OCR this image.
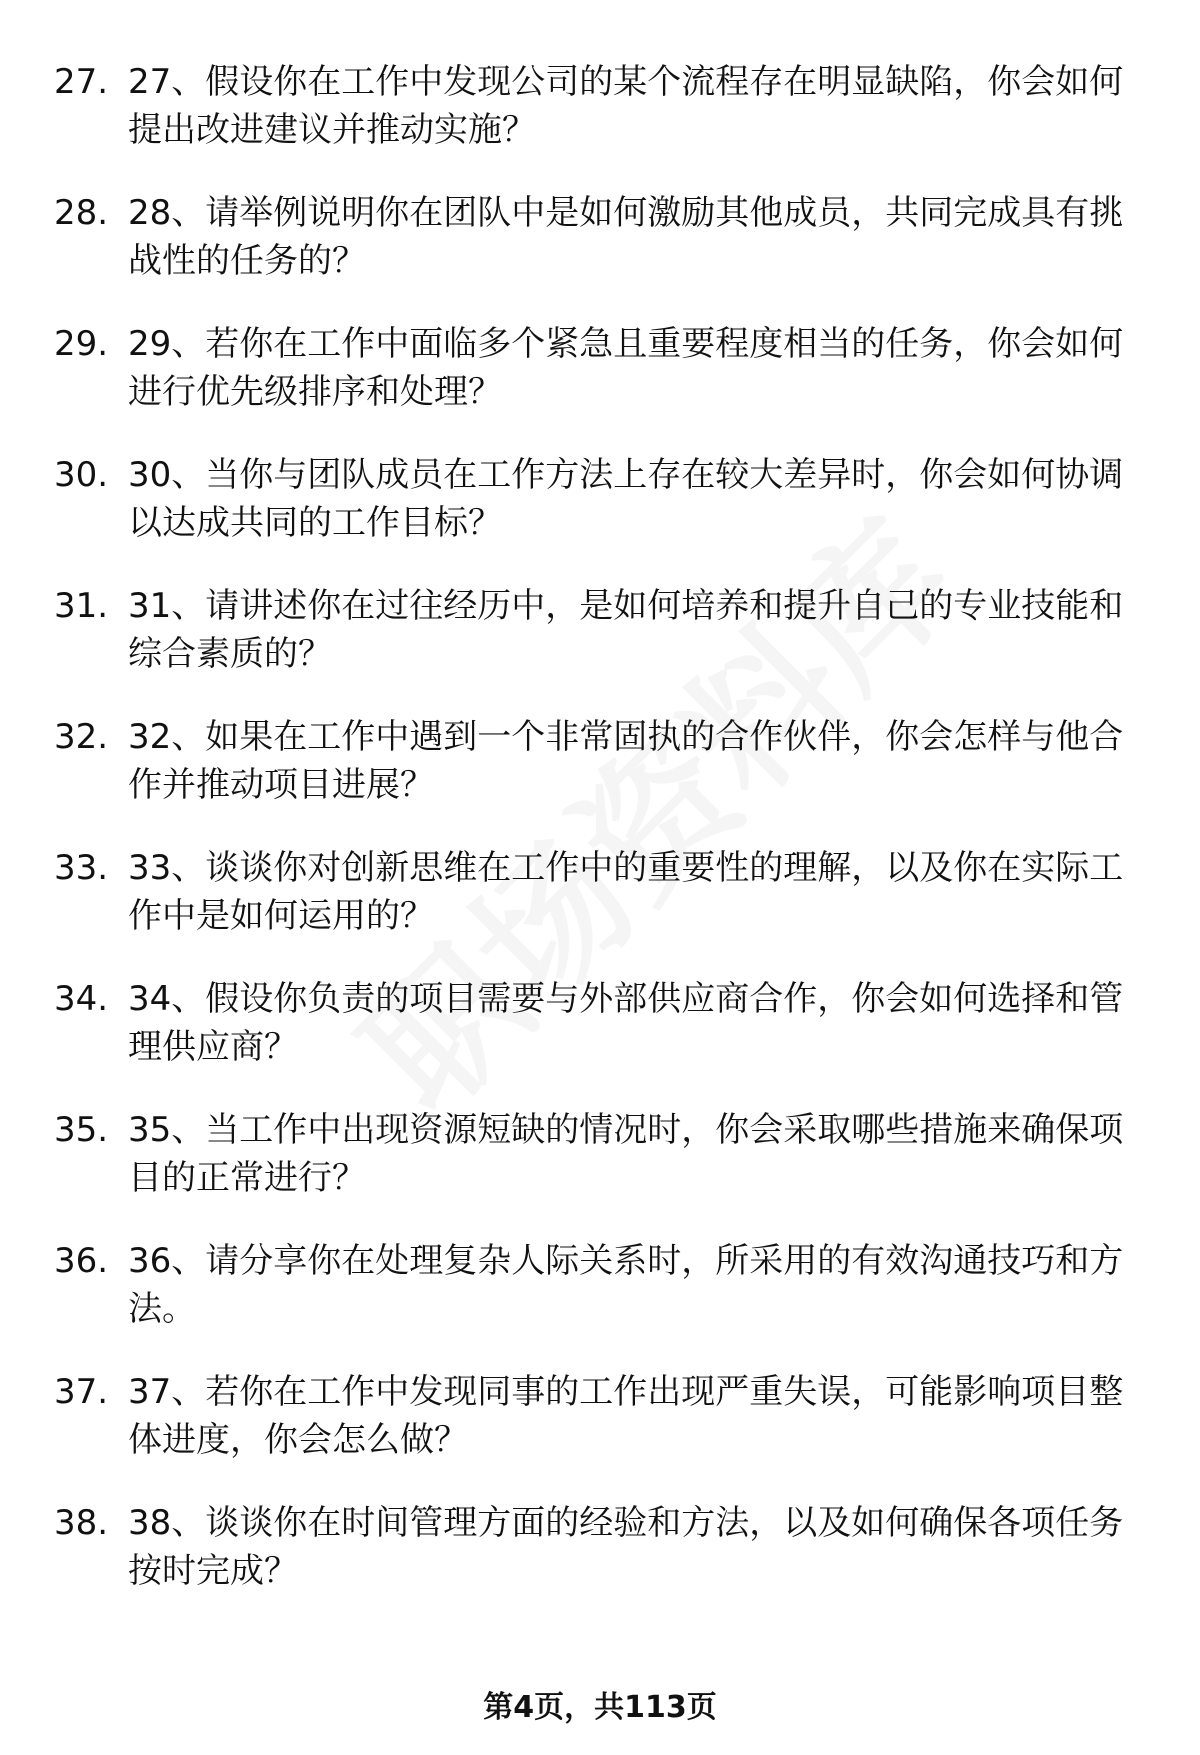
27. 27、假设你在工作中发现公司的某个流程存在明显缺陷，你会如何提出改进建议并推动实施？
28. 28、请举例说明你在团队中是如何激励其他成员，共同完成具有挑战性的任务的？
29. 29、若你在工作中面临多个紧急且重要程度相当的任务，你会如何进行优先级排序和处理？
30. 30、当你与团队成员在工作方法上存在较大差异时，你会如何协调以达成共同的工作目标？
31. 31、请讲述你在过往经历中，是如何培养和提升自己的专业技能和综合素质的？
32. 32、如果在工作中遇到一个非常固执的合作伙伴，你会怎样与他合作并推动项目进展？
33. 33、谈谈你对创新思维在工作中的重要性的理解，以及你在实际工作中是如何运用的？
34. 34、假设你负责的项目需要与外部供应商合作，你会如何选择和管理供应商？
35. 35、当工作中出现资源短缺的情况时，你会采取哪些措施来确保项目的正常进行？
36. 36、请分享你在处理复杂人际关系时，所采用的有效沟通技巧和方法。
37. 37、若你在工作中发现同事的工作出现严重失误，可能影响项目整体进度，你会怎么做？
38. 38、谈谈你在时间管理方面的经验和方法，以及如何确保各项任务按时完成？
第4页，共113页
